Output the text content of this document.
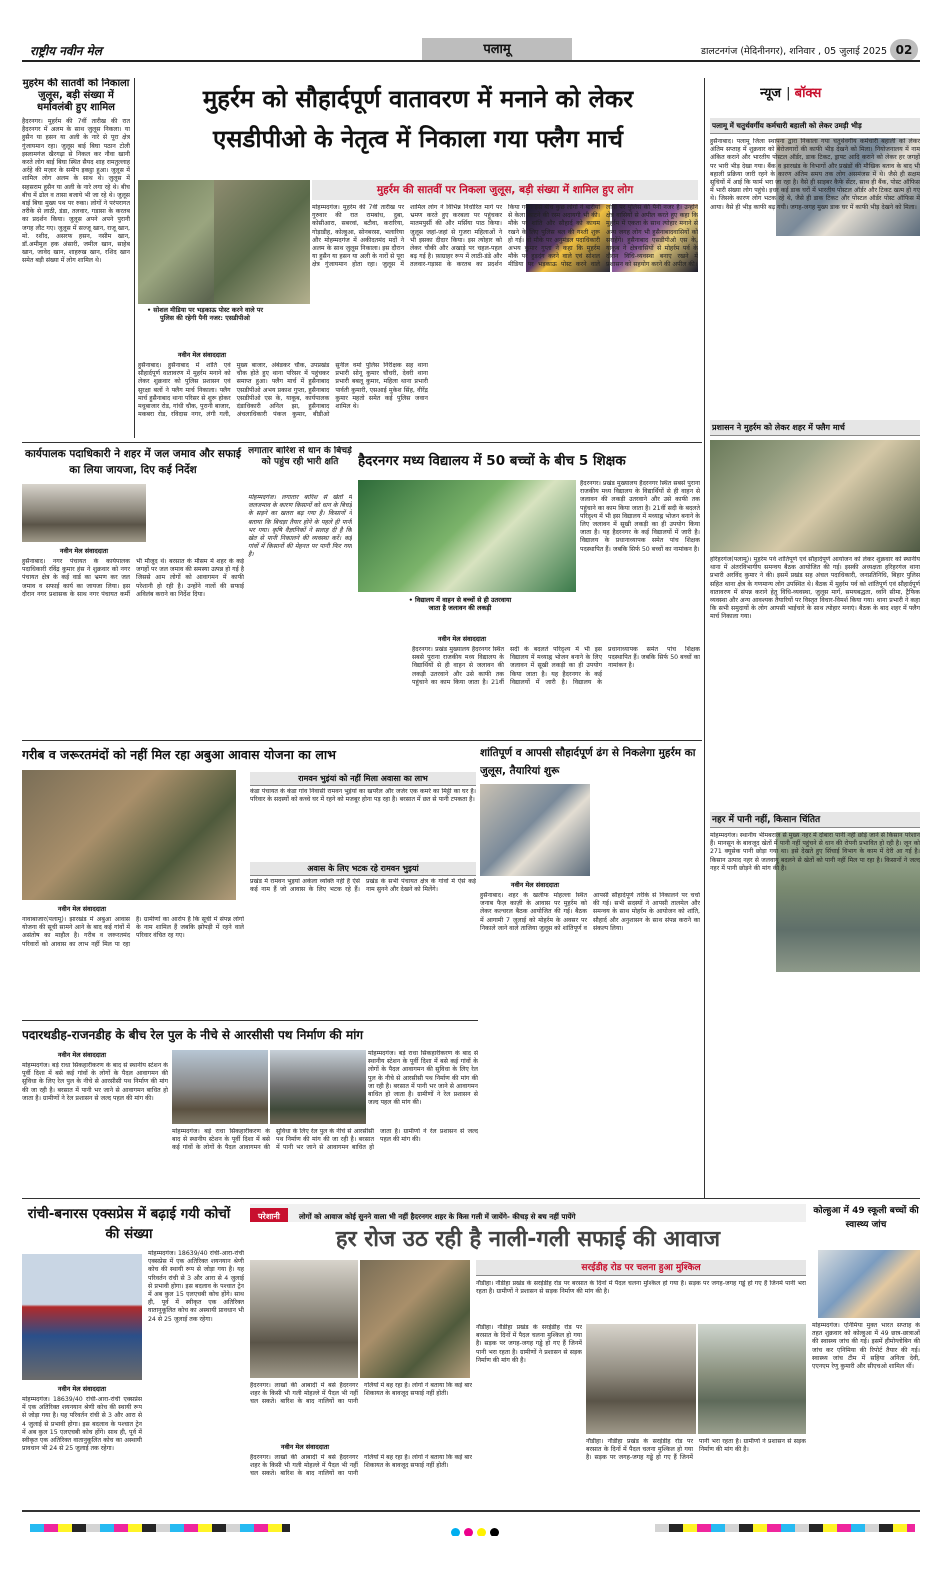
राष्ट्रीय नवीन मेल	पलामू	डालटनगंज (मेदिनीनगर), शनिवार , 05 जुलाई 2025 02
मुहर्रम की सातवीं को निकाला जुलूस, बड़ी संख्या में धर्मावलंबी हुए शामिल
हैदरनगर। मुहर्रम की 7वीं तारीख की रात हैदरनगर में अलम के साथ जुलूस निकला। या हुसैन या हसन या अली के नारे से पूरा क्षेत्र गुंजायमान रहा। जुलूस बाई बिघा पठान टोली इस्लामगंज खैरगढ़ा से निकल कर नौवा खानी करते लोग बाई बिघा स्थित सैयद शाह रामतुल्लाह अर्रहे की मज़ार के समीप इकट्ठा हुआ। जुलूस में शामिल लोग अलम के साथ थे। जुलूस में सहसराम हुसैन या अली के नारे लगा रहे थे। बीच बीच में ढोल व तासा बजाये भी जा रहे थे। जुलूस बाई बिघा मुख्य पथ पर रुका। लोगों ने परंपरागत तरीके से लाठी, डंडा, तलवार, गडासा के करतब का प्रदर्शन किया। जुलूस अपने अपने पुरानी जगह लौट गए। जुलूस में सज्जू खान, राजू खान, मो. रशीद, असरफ हसन, नसीम खान, डॉ.अमीमुल हक अंसारी, जमील खान, साहेब खान, जावेद खान, शाहरुख खान, रशिद खान समेत बड़ी संख्या में लोग शामिल थे।
मुहर्रम को सौहार्दपूर्ण वातावरण में मनाने को लेकर
एसडीपीओ के नेतृत्व में निकाला गया फ्लैग मार्च
• सोशल मीडिया पर भड़काऊ पोस्ट करने वाले पर पुलिस की रहेगी पैनी नजर: एसडीपीओ
नवीन मेल संवाददाता
हुसैनाबाद। हुसैनाबाद में शांति एवं सौहार्दपूर्ण वातावरण में मुहर्रम मनाने को लेकर शुक्रवार को पुलिस प्रशासन एवं सुरक्षा बलों ने फ्लैग मार्च निकाला। फ्लैग मार्च हुसैनाबाद थाना परिसर से शुरू होकर मधुबाजार रोड, गांधी चौक, पुरानी बाजार, मकबरा रोड, रविदास नगर, लंगी गली, मुख्य बाजार, अंबेडकर चौक, उपप्रखंड चौक होते हुए थाना परिसर में पहुंचकर समाप्त हुआ। फ्लैग मार्च में हुसैनाबाद एसडीपीओ अभय प्रकाश गुप्ता, हुसैनाबाद एसडीपीओ एस के, याकूब, कार्यपालक दंडाधिकारी अनिल झा, हुसैनाबाद अंचलाधिकारी पंकज कुमार, बीडीओ सुनील वर्मा पुलिस निरीक्षक सह थाना प्रभारी सोनू कुमार चौधरी, देवरी थाना प्रभारी बबलू कुमार, महिला थाना प्रभारी पार्वती कुमारी, एसआई मुकेश सिंह, वीरेंद्र कुमार महतो समेत कई पुलिस जवान शामिल थे।
मुहर्रम की सातवीं पर निकला जुलूस, बड़ी संख्या में शामिल हुए लोग
मोहम्मदगंज। मुहर्रम की 7वीं तारीख पर गुरुवार की रात रामबांध, दुबा, कोसीआरा, सबरवां, बटौवा, करारिया, गोड़ाडीह, कोल्हुआ, सोनबरसा, भलारिया और मोहम्मदगंज में अकीदतमंद मदों ने अलम के साथ जुलूस निकाला। इस दौरान या हुसैन या हसन या अली के नारों से पूरा क्षेत्र गुंजायमान होता रहा। जुलूस में शामिल लोग ने विभिन्न निर्धारित मार्ग पर भ्रमण करते हुए करबला पर पहुंचकर मातमपुर्सी की और मर्सिया पाठ किया। जुलूस जहां-जहां से गुजरा महिलाओं ने भी इसका दीदार किया। इस त्योहार को लेकर चौकी और अखाड़े पर चहल-पहल बढ़ गई है। फ़ाग्राहर रूप में लाठी-डंडे और तलवार-गड़ासा के करतब का प्रदर्शन किया गया। इस बीच कुछ लोगों ने बारीयां से केला काटने की रस्म अदायगी भी की। मौके पर शांति और सौहार्द को कायम रखने के लिए पुलिस बल की गश्ती शुरू हो गई। वो मौके पर अनुमंडल पदाधिकारी अभय कुमार गुप्ता ने कहा कि मुहर्रम मौके पर हुड़दंग करने वाले एवं सोशल मीडिया पर भड़काऊ पोस्ट करने वाले लोगों पर पुलिस की पैनी नजर है। उन्होंने क्षेत्र वासियों से अपील करते हुए कहा कि मुहर्रम में एकता के साथ त्योहार मनाने से अन्य जगह लोग भी हुसैनाबादवासियों को सराहेंगे। हुसैनाबाद एसडीपीओ एस के, याकूब ने क्षेत्रवासियों से मोहर्रम पर्व के दौरान विधि-व्यवस्था बनाए रखने में प्रशासन को सहयोग करने की अपील की।
न्यूज | बॉक्स
पलामू में चतुर्थवर्गीय कर्मचारी बहाली को लेकर उमड़ी भीड़
हुसैनाबाद। पलामू जिला स्थापना द्वारा निकाला गया चतुर्थवर्गीय कर्मचारी बहाली को लेकर अंतिम सप्ताह में शुक्रवार को बेरोजगारों की काफी भीड़ देखने को मिला। नियोजनालय में नाम अंकित कराने और भारतीय पोस्टल ऑर्डर, डाक टिकट, ड्राफ्ट आदि कराने को लेकर हर जगहों पर भारी भीड़ देखा गया। बैंक व झारखंड के विभागों और प्रखंडों की मौखिक बताव के बाद भी बहाली प्रक्रिया जारी रहने के कारण अंतिम समय तक लोग असमंजस में थे। जैसे ही सक्षम सूचियों में आई कि फार्म भरा जा रहा है। वैसे ही साइबर कैफे सेंटर, साथ ही बैंक, पोस्ट ऑफिस में भारी संख्या लोग पहुंचे। इधर कई डाक घरों में भारतीय पोस्टल ऑर्डर और टिकट खत्म हो गए थे। जिसके कारण लोग भटक रहे थे, जैसे ही डाक टिकट और पोस्टल ऑर्डर पोस्ट ऑफिस में आया। वैसे ही भीड़ काफी बढ़ गयी। जगह-जगह मुख्य डाक घर में काफी भीड़ देखने को मिला।
प्रशासन ने मुहर्रम को लेकर शहर में फ्लैग मार्च
हरिहरगंज(पलामू)। मुहर्रम पर्व शांतिपूर्ण एवं सौहार्दपूर्ण आयोजन को लेकर शुक्रवार को स्थानीय थाना में अंतरविभागीय समन्वय बैठक आयोजित की गई। इसकी अध्यक्षता हरिहरगंज थाना प्रभारी अरविंद कुमार ने की। इसमें प्रखंड सह अंचल पदाधिकारी, जनप्रतिनिधि, बिहार पुलिस सहित थाना क्षेत्र के गणमान्य लोग उपस्थित थे। बैठक में मुहर्रम पर्व को शांतिपूर्ण एवं सौहार्दपूर्ण वातावरण में संपन्न कराने हेतु विधि-व्यवस्था, जुलूस मार्ग, समयबद्धता, ध्वनि सीमा, ट्रैफिक व्यवस्था और अन्य आवश्यक तैयारियों पर विस्तृत विचार-विमर्श किया गया। थाना प्रभारी ने कहा कि सभी समुदायों के लोग आपसी भाईचारे के साथ त्योहार मनाएं। बैठक के बाद शहर में फ्लैग मार्च निकाला गया।
नहर में पानी नहीं, किसान चिंतित
मोहम्मदगंज। स्थानीय भीमबराज से मुख्य नहर में दोबारा पानी नहीं छोड़े जाने से किसान परेशान हैं। मानसून के बावजूद खेतों में पानी नहीं पहुंचने से धान की रोपनी प्रभावित हो रही है। जून को 271 क्यूसेक पानी छोड़ा गया था। इसे देखते हुए सिंचाई विभाग के काम में देरी आ गई है। किसान उत्पाद नहर से जलवायु बदलने से खेतों को पानी नहीं मिल पा रहा है। किसानों ने जल्द नहर में पानी छोड़ने की मांग की है।
कार्यपालक पदाधिकारी ने शहर में जल जमाव और सफाई का लिया जायजा, दिए कई निर्देश
नवीन मेल संवाददाता
हुसैनाबाद। नगर पंचायत के कार्यपालक पदाधिकारी रविंद्र कुमार हंस ने शुक्रवार को नगर पंचायत क्षेत्र के कई वार्ड का भ्रमण कर जल जमाव व सफाई कार्य का जायजा लिया। इस दौरान नगर प्रशासक के साथ नगर पंचायत कर्मी भी मौजूद थे। बरसात के मौसम में शहर के कई जगहों पर जल जमाव की समस्या उत्पन्न हो गई है जिससे आम लोगों को आवागमन में काफी परेशानी हो रही है। उन्होंने नालों की सफाई अविलंब कराने का निर्देश दिया।
लगातार बारिश से धान के बिचड़े को पहुंच रही भारी क्षति
मोहम्मदगंज। लगातार बारिश से खेतों में जलजमाव के कारण किसानों को धान के बिचड़े के सड़ने का खतरा बढ़ गया है। किसानों ने बताया कि बिचड़ा तैयार होने के पहले ही पानी भर गया। कृषि वैज्ञानिकों ने सलाह दी है कि खेत से पानी निकालने की व्यवस्था करें। कई गांवों में किसानों की मेहनत पर पानी फिर गया है।
हैदरनगर मध्य विद्यालय में 50 बच्चों के बीच 5 शिक्षक
• विद्यालय में वाहन से बच्चों से ही उतरवाया जाता है जलावन की लकड़ी
नवीन मेल संवाददाता
हैदरनगर। प्रखंड मुख्यालय हैदरनगर स्थित सबसे पुराना राजकीय मध्य विद्यालय के विद्यार्थियों से ही वाहन से जलावन की लकड़ी उतरवाने और उसे काफी तक पहुंचाने का काम किया जाता है। 21वीं सदी के बदलते परिदृश्य में भी इस विद्यालय में मध्याह्न भोजन बनाने के लिए जलावन में सूखी लकड़ी का ही उपयोग किया जाता है। यह हैदरनगर के कई विद्यालयों में जारी है। विद्यालय के प्रधानाध्यापक समेत पांच शिक्षक पदस्थापित हैं। जबकि सिर्फ 50 बच्चों का नामांकन है।
हैदरनगर। प्रखंड मुख्यालय हैदरनगर स्थित सबसे पुराना राजकीय मध्य विद्यालय के विद्यार्थियों से ही वाहन से जलावन की लकड़ी उतरवाने और उसे काफी तक पहुंचाने का काम किया जाता है। 21वीं सदी के बदलते परिदृश्य में भी इस विद्यालय में मध्याह्न भोजन बनाने के लिए जलावन में सूखी लकड़ी का ही उपयोग किया जाता है। यह हैदरनगर के कई विद्यालयों में जारी है। विद्यालय के प्रधानाध्यापक समेत पांच शिक्षक पदस्थापित हैं। जबकि सिर्फ 50 बच्चों का नामांकन है।
गरीब व जरूरतमंदों को नहीं मिल रहा अबुआ आवास योजना का लाभ
नवीन मेल संवाददाता
नावाबाजार(पलामू)। झारखंड में अबुआ आवास योजना की सूची सामने आने के बाद कई गांवों में असंतोष का माहौल है। गरीब व जरूरतमंद परिवारों को आवास का लाभ नहीं मिल पा रहा है। ग्रामीणों का आरोप है कि सूची में संपन्न लोगों के नाम शामिल हैं जबकि झोपड़ी में रहने वाले परिवार वंचित रह गए।
रामवन भुइंयां को नहीं मिला अवासा का लाभ
कंडा पंचायत के कंडा गांव निवासी रामवन भुइंयां का खपरैल और जर्जर एक कमरे का मिट्टी का घर है। परिवार के सदस्यों को कच्चे घर में रहने को मजबूर होना पड़ रहा है। बरसात में छत से पानी टपकता है।
अवास के लिए भटक रहे रामवन भुइयां
प्रखंड में रामवन भुइयां अकेला व्यक्ति नहीं है ऐसे कई नाम हैं जो आवास के लिए भटक रहे हैं। प्रखंड के सभी पंचायत क्षेत्र के गांवों में ऐसे कई नाम सुनने और देखने को मिलेंगे।
शांतिपूर्ण व आपसी सौहार्दपूर्ण ढंग से निकलेगा मुहर्रम का जुलूस, तैयारियां शुरू
नवीन मेल संवाददाता
हुसैनाबाद। शहर के खलीफ मोहल्ला स्थित जनाब फैज़ काज़ी के आवास पर मुहर्रम को लेकर कल्चरल बैठक आयोजित की गई। बैठक में आगामी 7 जुलाई को मोहर्रम के अवसर पर निकाले जाने वाले ताजिया जुलूस को शांतिपूर्ण व आपसी सौहार्दपूर्ण तरीके से निकालने पर चर्चा की गई। सभी सदस्यों ने आपसी तालमेल और समन्वय के साथ मोहर्रम के आयोजन को शांति, सौहार्द और अनुशासन के साथ संपन्न कराने का संकल्प लिया।
पदारथडीह-राजनडीह के बीच रेल पुल के नीचे से आरसीसी पथ निर्माण की मांग
नवीन मेल संवाददाता
मोहम्मदगंज। बड़े राधा सिकहारीकरण के बाद से स्थानीय स्टेशन के पूर्वी दिशा में बसे कई गांवों के लोगों के पैदल आवागमन की सुविधा के लिए रेल पुल के नीचे से आरसीसी पथ निर्माण की मांग की जा रही है। बरसात में पानी भर जाने से आवागमन बाधित हो जाता है। ग्रामीणों ने रेल प्रशासन से जल्द पहल की मांग की।
मोहम्मदगंज। बड़े राधा सिकहारीकरण के बाद से स्थानीय स्टेशन के पूर्वी दिशा में बसे कई गांवों के लोगों के पैदल आवागमन की सुविधा के लिए रेल पुल के नीचे से आरसीसी पथ निर्माण की मांग की जा रही है। बरसात में पानी भर जाने से आवागमन बाधित हो जाता है। ग्रामीणों ने रेल प्रशासन से जल्द पहल की मांग की।
मोहम्मदगंज। बड़े राधा सिकहारीकरण के बाद से स्थानीय स्टेशन के पूर्वी दिशा में बसे कई गांवों के लोगों के पैदल आवागमन की सुविधा के लिए रेल पुल के नीचे से आरसीसी पथ निर्माण की मांग की जा रही है। बरसात में पानी भर जाने से आवागमन बाधित हो जाता है। ग्रामीणों ने रेल प्रशासन से जल्द पहल की मांग की।
रांची-बनारस एक्सप्रेस में बढ़ाई गयी कोचों की संख्या
नवीन मेल संवाददाता
मोहम्मदगंज। 18639/40 रांची-आरा-रांची एक्सप्रेस में एक अतिरिक्त शयनयान श्रेणी कोच की स्थायी रूप से जोड़ा गया है। यह परिवर्तन रांची से 3 और आरा से 4 जुलाई से प्रभावी होगा। इस बदलाव के पश्चात ट्रेन में अब कुल 15 एलएचबी कोच होंगे। साथ ही, पूर्व में स्वीकृत एक अतिरिक्त वातानुकूलित कोच का अस्थायी प्रावधान भी 24 से 25 जुलाई तक रहेगा।
मोहम्मदगंज। 18639/40 रांची-आरा-रांची एक्सप्रेस में एक अतिरिक्त शयनयान श्रेणी कोच की स्थायी रूप से जोड़ा गया है। यह परिवर्तन रांची से 3 और आरा से 4 जुलाई से प्रभावी होगा। इस बदलाव के पश्चात ट्रेन में अब कुल 15 एलएचबी कोच होंगे। साथ ही, पूर्व में स्वीकृत एक अतिरिक्त वातानुकूलित कोच का अस्थायी प्रावधान भी 24 से 25 जुलाई तक रहेगा।
परेशानी	लोगों को आवाज कोई सुनने वाला भी नहीं हैदरनगर शहर के किस गली में जायेंगे- कीचड़ से बच नहीं पायेंगे
हर रोज उठ रही है नाली-गली सफाई की आवाज
नवीन मेल संवाददाता
हैदरनगर। लाखों की आबादी में बसे हैदरनगर शहर के किसी भी गली मोहल्ले में पैदल भी नहीं चल सकते। बारिश के बाद नालियों का पानी गलियों में बह रहा है। लोगों ने बताया कि कई बार शिकायत के बावजूद सफाई नहीं होती।
हैदरनगर। लाखों की आबादी में बसे हैदरनगर शहर के किसी भी गली मोहल्ले में पैदल भी नहीं चल सकते। बारिश के बाद नालियों का पानी गलियों में बह रहा है। लोगों ने बताया कि कई बार शिकायत के बावजूद सफाई नहीं होती।
सरईडीह रोड पर चलना हुआ मुश्किल
नौडीहा। नौडीहा प्रखंड के सरईडीह रोड पर बरसात के दिनों में पैदल चलना मुश्किल हो गया है। सड़क पर जगह-जगह गड्ढे हो गए हैं जिनमें पानी भरा रहता है। ग्रामीणों ने प्रशासन से सड़क निर्माण की मांग की है।
नौडीहा। नौडीहा प्रखंड के सरईडीह रोड पर बरसात के दिनों में पैदल चलना मुश्किल हो गया है। सड़क पर जगह-जगह गड्ढे हो गए हैं जिनमें पानी भरा रहता है। ग्रामीणों ने प्रशासन से सड़क निर्माण की मांग की है।
नौडीहा। नौडीहा प्रखंड के सरईडीह रोड पर बरसात के दिनों में पैदल चलना मुश्किल हो गया है। सड़क पर जगह-जगह गड्ढे हो गए हैं जिनमें पानी भरा रहता है। ग्रामीणों ने प्रशासन से सड़क निर्माण की मांग की है।
कोल्हुआ में 49 स्कूली बच्चों की स्वास्थ्य जांच
मोहम्मदगंज। एनिमिया मुक्त भारत सप्ताह के तहत शुक्रवार को कोल्हुआ में 49 छात्र-छात्राओं की स्वास्थ्य जांच की गई। इसमें हीमोग्लोबिन की जांच कर एनिमिया की रिपोर्ट तैयार की गई। स्वास्थ्य जांच टीम में सहिया अनिता देवी, एएनएम रेणु कुमारी और सीएचओ शामिल थीं।
